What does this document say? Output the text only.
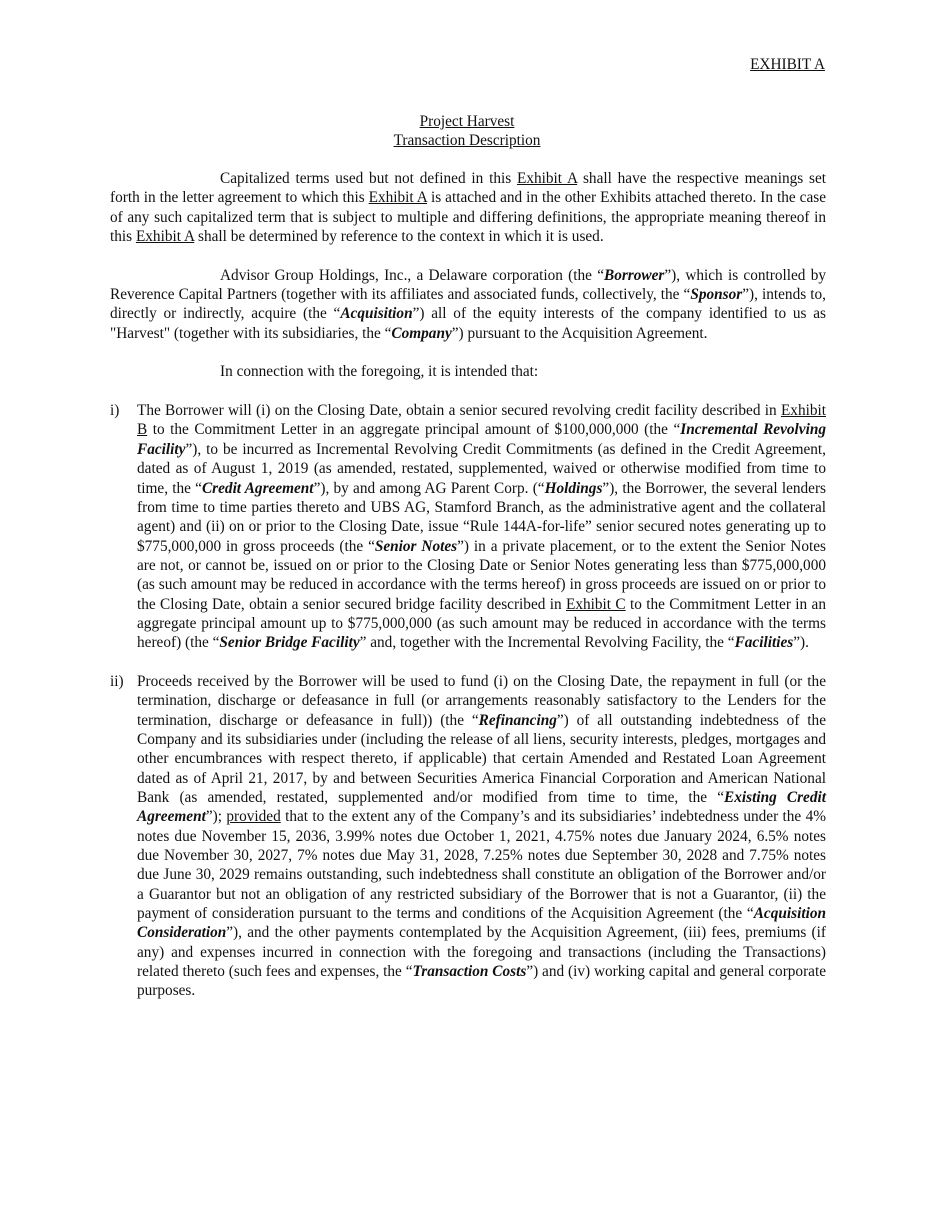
EXHIBIT A

Project Harvest
Transaction Description

Capitalized terms used but not defined in this Exhibit A shall have the respective meanings set forth in the letter agreement to which this Exhibit A is attached and in the other Exhibits attached thereto. In the case of any such capitalized term that is subject to multiple and differing definitions, the appropriate meaning thereof in this Exhibit A shall be determined by reference to the context in which it is used.

Advisor Group Holdings, Inc., a Delaware corporation (the “Borrower”), which is controlled by Reverence Capital Partners (together with its affiliates and associated funds, collectively, the “Sponsor”), intends to, directly or indirectly, acquire (the “Acquisition”) all of the equity interests of the company identified to us as "Harvest" (together with its subsidiaries, the “Company”) pursuant to the Acquisition Agreement.

In connection with the foregoing, it is intended that:

i) The Borrower will (i) on the Closing Date, obtain a senior secured revolving credit facility described in Exhibit B to the Commitment Letter in an aggregate principal amount of $100,000,000 (the “Incremental Revolving Facility”), to be incurred as Incremental Revolving Credit Commitments (as defined in the Credit Agreement, dated as of August 1, 2019 (as amended, restated, supplemented, waived or otherwise modified from time to time, the “Credit Agreement”), by and among AG Parent Corp. (“Holdings”), the Borrower, the several lenders from time to time parties thereto and UBS AG, Stamford Branch, as the administrative agent and the collateral agent) and (ii) on or prior to the Closing Date, issue “Rule 144A-for-life” senior secured notes generating up to $775,000,000 in gross proceeds (the “Senior Notes”) in a private placement, or to the extent the Senior Notes are not, or cannot be, issued on or prior to the Closing Date or Senior Notes generating less than $775,000,000 (as such amount may be reduced in accordance with the terms hereof) in gross proceeds are issued on or prior to the Closing Date, obtain a senior secured bridge facility described in Exhibit C to the Commitment Letter in an aggregate principal amount up to $775,000,000 (as such amount may be reduced in accordance with the terms hereof) (the “Senior Bridge Facility” and, together with the Incremental Revolving Facility, the “Facilities”).
ii) Proceeds received by the Borrower will be used to fund (i) on the Closing Date, the repayment in full (or the termination, discharge or defeasance in full (or arrangements reasonably satisfactory to the Lenders for the termination, discharge or defeasance in full)) (the “Refinancing”) of all outstanding indebtedness of the Company and its subsidiaries under (including the release of all liens, security interests, pledges, mortgages and other encumbrances with respect thereto, if applicable) that certain Amended and Restated Loan Agreement dated as of April 21, 2017, by and between Securities America Financial Corporation and American National Bank (as amended, restated, supplemented and/or modified from time to time, the “Existing Credit Agreement”); provided that to the extent any of the Company’s and its subsidiaries’ indebtedness under the 4% notes due November 15, 2036, 3.99% notes due October 1, 2021, 4.75% notes due January 2024, 6.5% notes due November 30, 2027, 7% notes due May 31, 2028, 7.25% notes due September 30, 2028 and 7.75% notes due June 30, 2029 remains outstanding, such indebtedness shall constitute an obligation of the Borrower and/or a Guarantor but not an obligation of any restricted subsidiary of the Borrower that is not a Guarantor, (ii) the payment of consideration pursuant to the terms and conditions of the Acquisition Agreement (the “Acquisition Consideration”), and the other payments contemplated by the Acquisition Agreement, (iii) fees, premiums (if any) and expenses incurred in connection with the foregoing and transactions (including the Transactions) related thereto (such fees and expenses, the “Transaction Costs”) and (iv) working capital and general corporate purposes.
